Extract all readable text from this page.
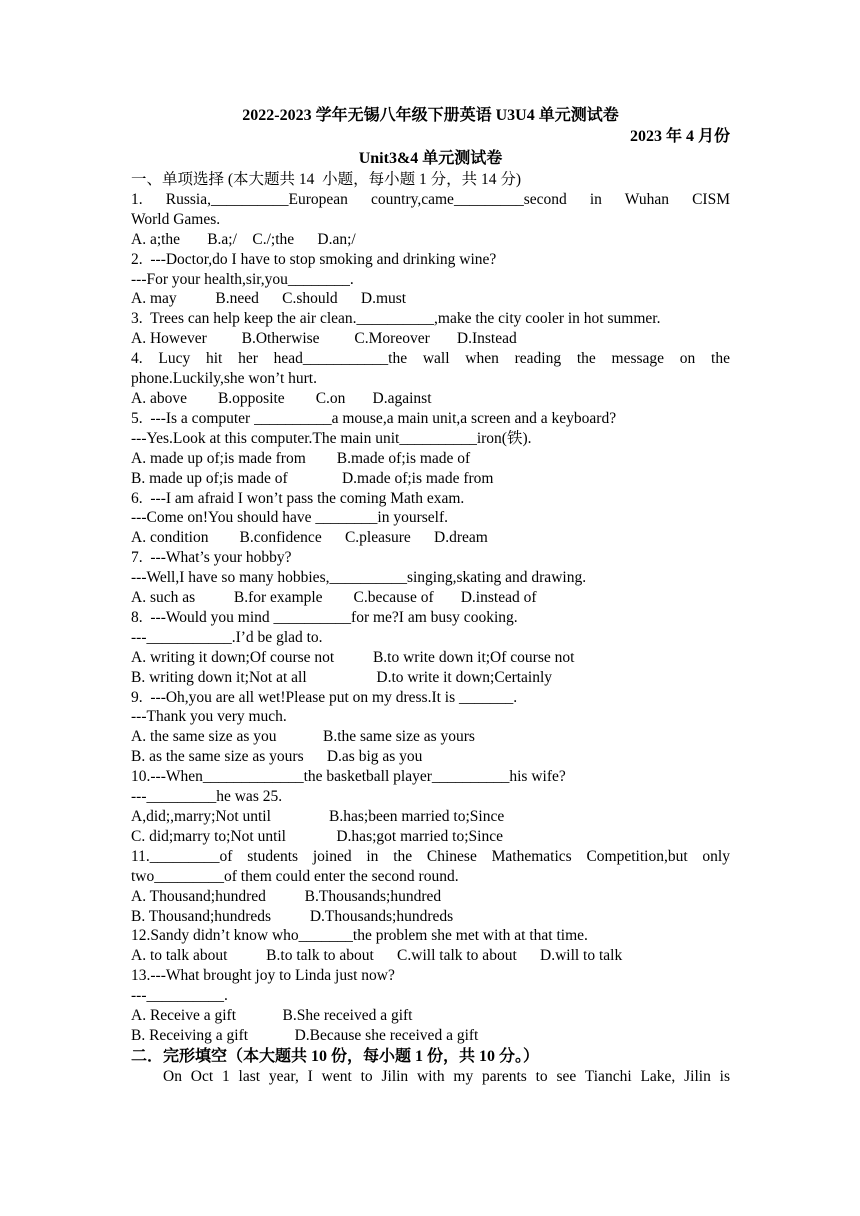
2022-2023 学年无锡八年级下册英语 U3U4 单元测试卷
2023 年 4 月份
Unit3&4 单元测试卷
一、单项选择 (本大题共 14  小题，每小题 1 分，共 14 分)
1. Russia,__________European country,came_________second in Wuhan CISM
World Games.
A. a;the       B.a;/    C./;the      D.an;/
2.  ---Doctor,do I have to stop smoking and drinking wine?
---For your health,sir,you________.
A. may          B.need      C.should      D.must
3.  Trees can help keep the air clean.__________,make the city cooler in hot summer.
A. However         B.Otherwise         C.Moreover       D.Instead
4. Lucy hit her head___________the wall when reading the message on the
phone.Luckily,she won’t hurt.
A. above        B.opposite        C.on       D.against
5.  ---Is a computer __________a mouse,a main unit,a screen and a keyboard?
---Yes.Look at this computer.The main unit__________iron(铁).
A. made up of;is made from        B.made of;is made of
B. made up of;is made of              D.made of;is made from
6.  ---I am afraid I won’t pass the coming Math exam.
---Come on!You should have ________in yourself.
A. condition        B.confidence      C.pleasure      D.dream
7.  ---What’s your hobby?
---Well,I have so many hobbies,__________singing,skating and drawing.
A. such as          B.for example        C.because of       D.instead of
8.  ---Would you mind __________for me?I am busy cooking.
---___________.I’d be glad to.
A. writing it down;Of course not          B.to write down it;Of course not
B. writing down it;Not at all                  D.to write it down;Certainly
9.  ---Oh,you are all wet!Please put on my dress.It is _______.
---Thank you very much.
A. the same size as you            B.the same size as yours
B. as the same size as yours      D.as big as you
10.---When_____________the basketball player__________his wife?
---_________he was 25.
A,did;,marry;Not until               B.has;been married to;Since
C. did;marry to;Not until             D.has;got married to;Since
11._________of students joined in the Chinese Mathematics Competition,but only
two_________of them could enter the second round.
A. Thousand;hundred          B.Thousands;hundred
B. Thousand;hundreds          D.Thousands;hundreds
12.Sandy didn’t know who_______the problem she met with at that time.
A. to talk about          B.to talk to about      C.will talk to about      D.will to talk
13.---What brought joy to Linda just now?
---__________.
A. Receive a gift            B.She received a gift
B. Receiving a gift            D.Because she received a gift
二．完形填空（本大题共 10 份，每小题 1 份，共 10 分。）
On Oct 1 last year, I went to Jilin with my parents to see Tianchi Lake, Jilin is
